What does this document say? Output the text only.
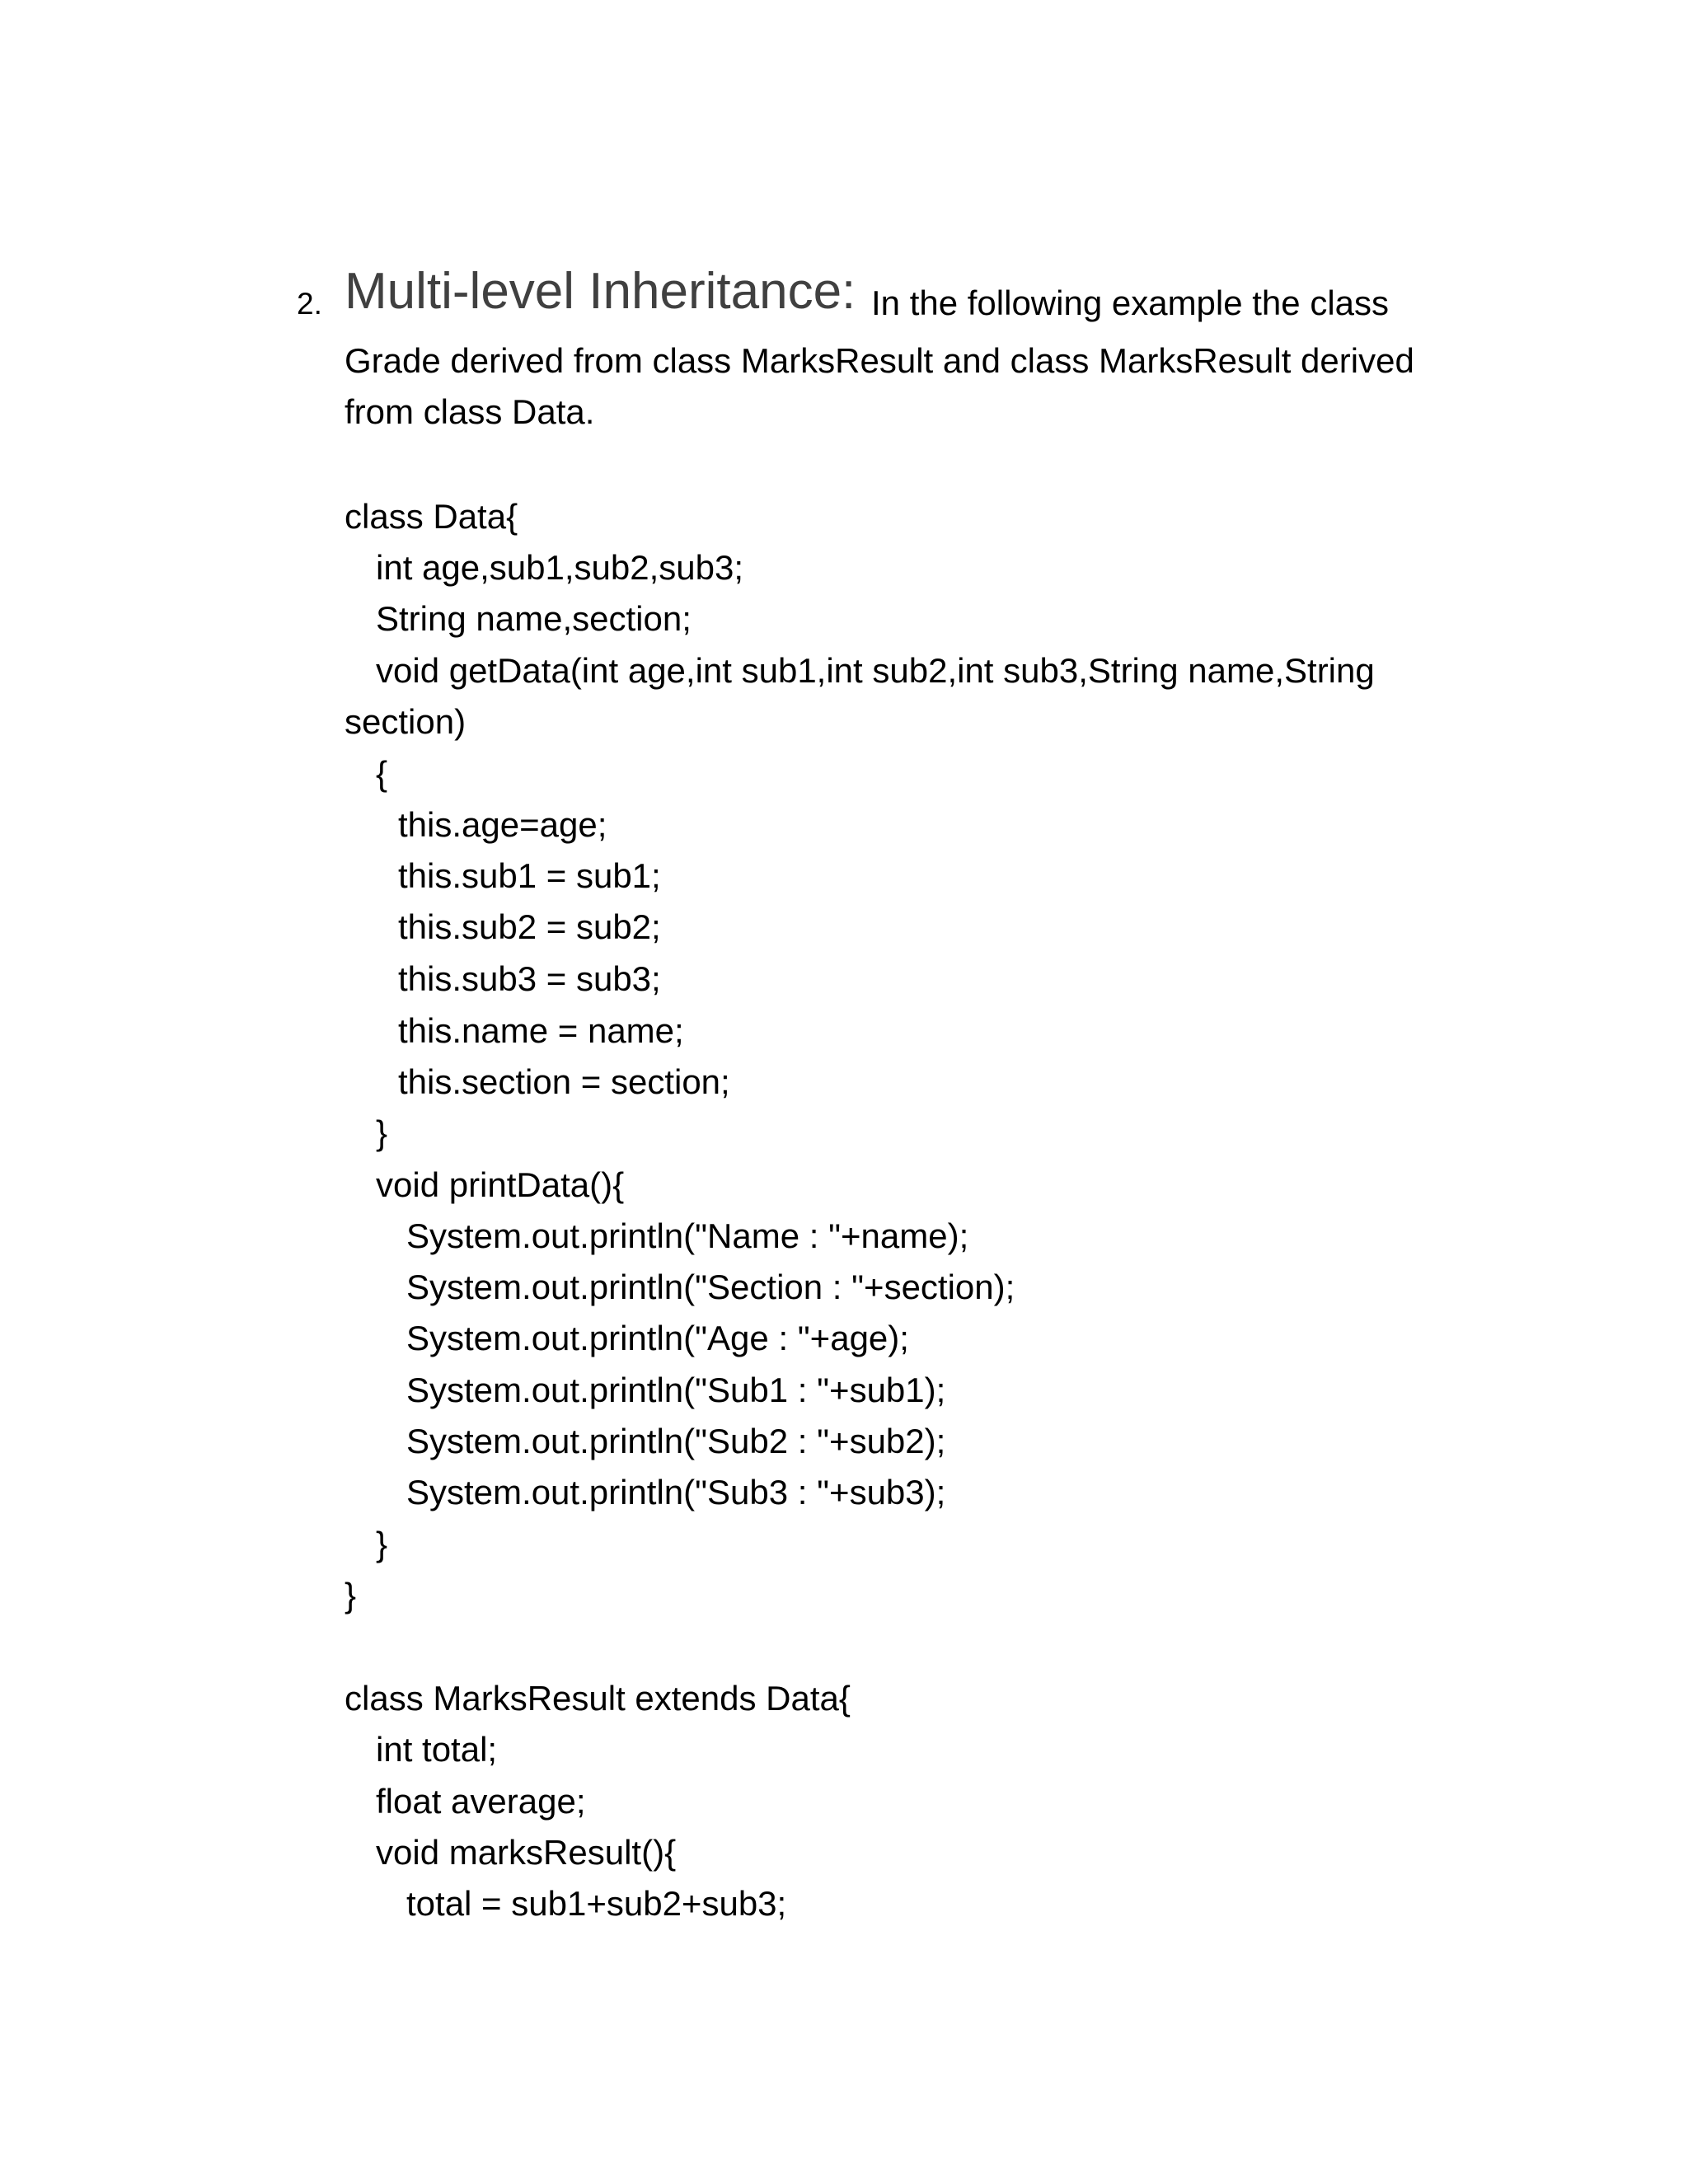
2. Multi-level Inheritance: In the following example the class
Grade derived from class MarksResult and class MarksResult derived
from class Data.
class Data{
int age,sub1,sub2,sub3;
String name,section;
void getData(int age,int sub1,int sub2,int sub3,String name,String
section)
{
this.age=age;
this.sub1 = sub1;
this.sub2 = sub2;
this.sub3 = sub3;
this.name = name;
this.section = section;
}
void printData(){
System.out.println("Name : "+name);
System.out.println("Section : "+section);
System.out.println("Age : "+age);
System.out.println("Sub1 : "+sub1);
System.out.println("Sub2 : "+sub2);
System.out.println("Sub3 : "+sub3);
}
}
class MarksResult extends Data{
int total;
float average;
void marksResult(){
total = sub1+sub2+sub3;
